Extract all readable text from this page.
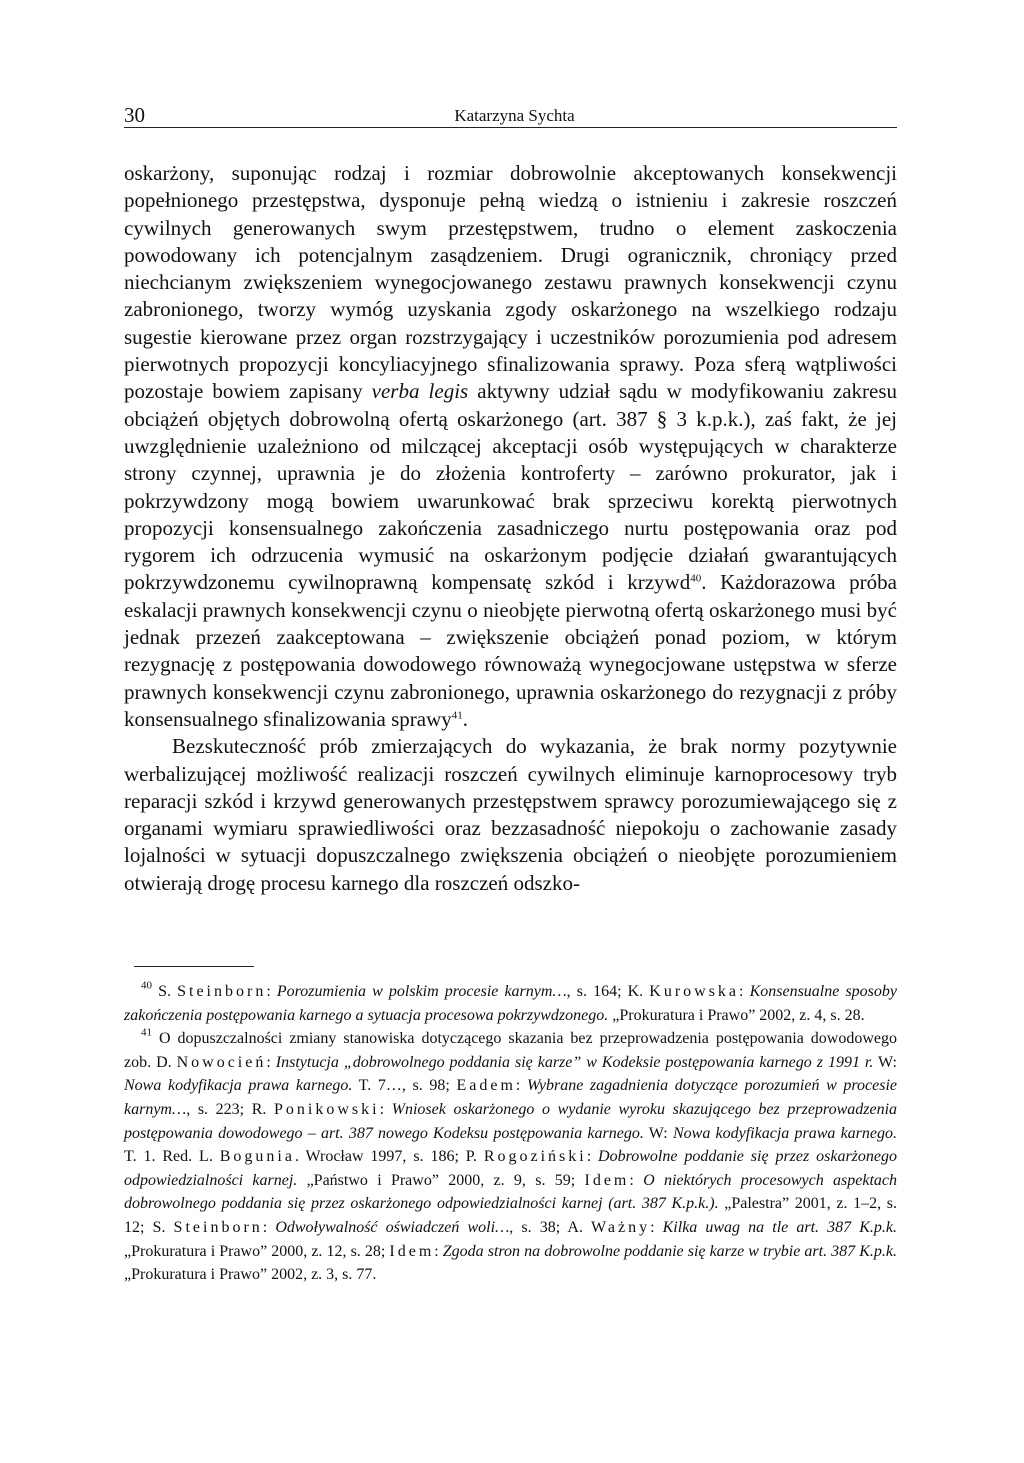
30	Katarzyna Sychta

oskarżony, suponując rodzaj i rozmiar dobrowolnie akceptowanych konsekwencji popełnionego przestępstwa, dysponuje pełną wiedzą o istnieniu i zakresie roszczeń cywilnych generowanych swym przestępstwem, trudno o element zaskoczenia powodowany ich potencjalnym zasądzeniem. Drugi ogranicznik, chroniący przed niechcianym zwiększeniem wynegocjowanego zestawu prawnych konsekwencji czynu zabronionego, tworzy wymóg uzyskania zgody oskarżonego na wszelkiego rodzaju sugestie kierowane przez organ rozstrzygający i uczestników porozumienia pod adresem pierwotnych propozycji koncyliacyjnego sfinalizowania sprawy. Poza sferą wątpliwości pozostaje bowiem zapisany verba legis aktywny udział sądu w modyfikowaniu zakresu obciążeń objętych dobrowolną ofertą oskarżonego (art. 387 § 3 k.p.k.), zaś fakt, że jej uwzględnienie uzależniono od milczącej akceptacji osób występujących w charakterze strony czynnej, uprawnia je do złożenia kontroferty – zarówno prokurator, jak i pokrzywdzony mogą bowiem uwarunkować brak sprzeciwu korektą pierwotnych propozycji konsensualnego zakończenia zasadniczego nurtu postępowania oraz pod rygorem ich odrzucenia wymusić na oskarżonym podjęcie działań gwarantujących pokrzywdzonemu cywilnoprawną kompensatę szkód i krzywd$^{40}$. Każdorazowa próba eskalacji prawnych konsekwencji czynu o nieobjęte pierwotną ofertą oskarżonego musi być jednak przezeń zaakceptowana – zwiększenie obciążeń ponad poziom, w którym rezygnację z postępowania dowodowego równoważą wynegocjowane ustępstwa w sferze prawnych konsekwencji czynu zabronionego, uprawnia oskarżonego do rezygnacji z próby konsensualnego sfinalizowania sprawy$^{41}$.

Bezskuteczność prób zmierzających do wykazania, że brak normy pozytywnie werbalizującej możliwość realizacji roszczeń cywilnych eliminuje karnoprocesowy tryb reparacji szkód i krzywd generowanych przestępstwem sprawcy porozumiewającego się z organami wymiaru sprawiedliwości oraz bezzasadność niepokoju o zachowanie zasady lojalności w sytuacji dopuszczalnego zwiększenia obciążeń o nieobjęte porozumieniem otwierają drogę procesu karnego dla roszczeń odszko-

$^{40}$ S. Steinborn: Porozumienia w polskim procesie karnym…, s. 164; K. Kurowska: Konsensualne sposoby zakończenia postępowania karnego a sytuacja procesowa pokrzywdzonego. „Prokuratura i Prawo” 2002, z. 4, s. 28.

$^{41}$ O dopuszczalności zmiany stanowiska dotyczącego skazania bez przeprowadzenia postępowania dowodowego zob. D. Nowocień: Instytucja „dobrowolnego poddania się karze” w Kodeksie postępowania karnego z 1991 r. W: Nowa kodyfikacja prawa karnego. T. 7…, s. 98; Eadem: Wybrane zagadnienia dotyczące porozumień w procesie karnym…, s. 223; R. Ponikowski: Wniosek oskarżonego o wydanie wyroku skazującego bez przeprowadzenia postępowania dowodowego – art. 387 nowego Kodeksu postępowania karnego. W: Nowa kodyfikacja prawa karnego. T. 1. Red. L. Bogunia. Wrocław 1997, s. 186; P. Rogoziński: Dobrowolne poddanie się przez oskarżonego odpowiedzialności karnej. „Państwo i Prawo” 2000, z. 9, s. 59; Idem: O niektórych procesowych aspektach dobrowolnego poddania się przez oskarżonego odpowiedzialności karnej (art. 387 K.p.k.). „Palestra” 2001, z. 1–2, s. 12; S. Steinborn: Odwoływalność oświadczeń woli…, s. 38; A. Ważny: Kilka uwag na tle art. 387 K.p.k. „Prokuratura i Prawo” 2000, z. 12, s. 28; Idem: Zgoda stron na dobrowolne poddanie się karze w trybie art. 387 K.p.k. „Prokuratura i Prawo” 2002, z. 3, s. 77.
